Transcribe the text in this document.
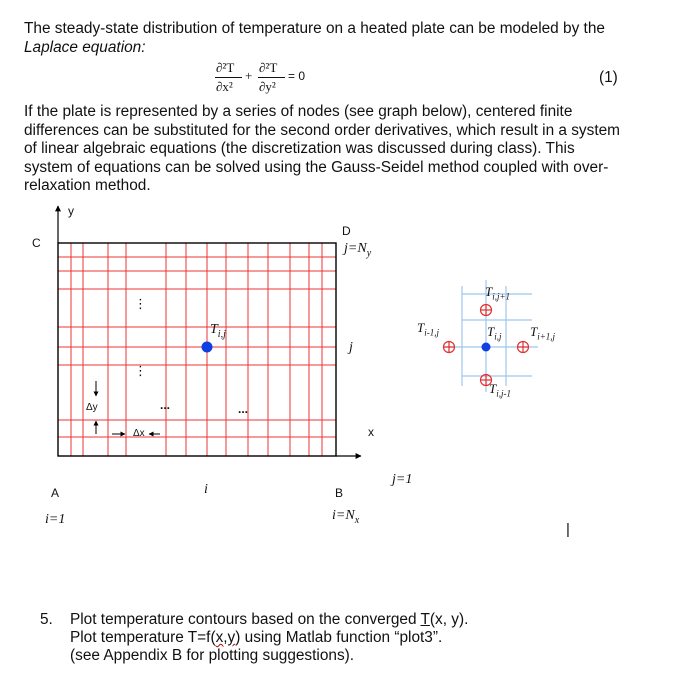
The steady-state distribution of temperature on a heated plate can be modeled by the
Laplace equation:
∂²T
∂x²
+
∂²T
∂y²
= 0	(1)
If the plate is represented by a series of nodes (see graph below), centered finite
differences can be substituted for the second order derivatives, which result in a system
of linear algebraic equations (the discretization was discussed during class). This
system of equations can be solved using the Gauss-Seidel method coupled with over-
relaxation method.
y
C
D
$j=N_y$
j
$T_{i,j}$
⋮
⋮
...	...
Δy
Δx	x
j=1
A	i	B
i=1	$i=N_x$
$T_{i,j+1}$
$T_{i-1,j}$	$T_{i,j}$ $T_{i+1,j}$
$T_{i,j-1}$
|
5. Plot temperature contours based on the converged T(x, y).
Plot temperature T=f(x,y) using Matlab function “plot3”.
(see Appendix B for plotting suggestions).
